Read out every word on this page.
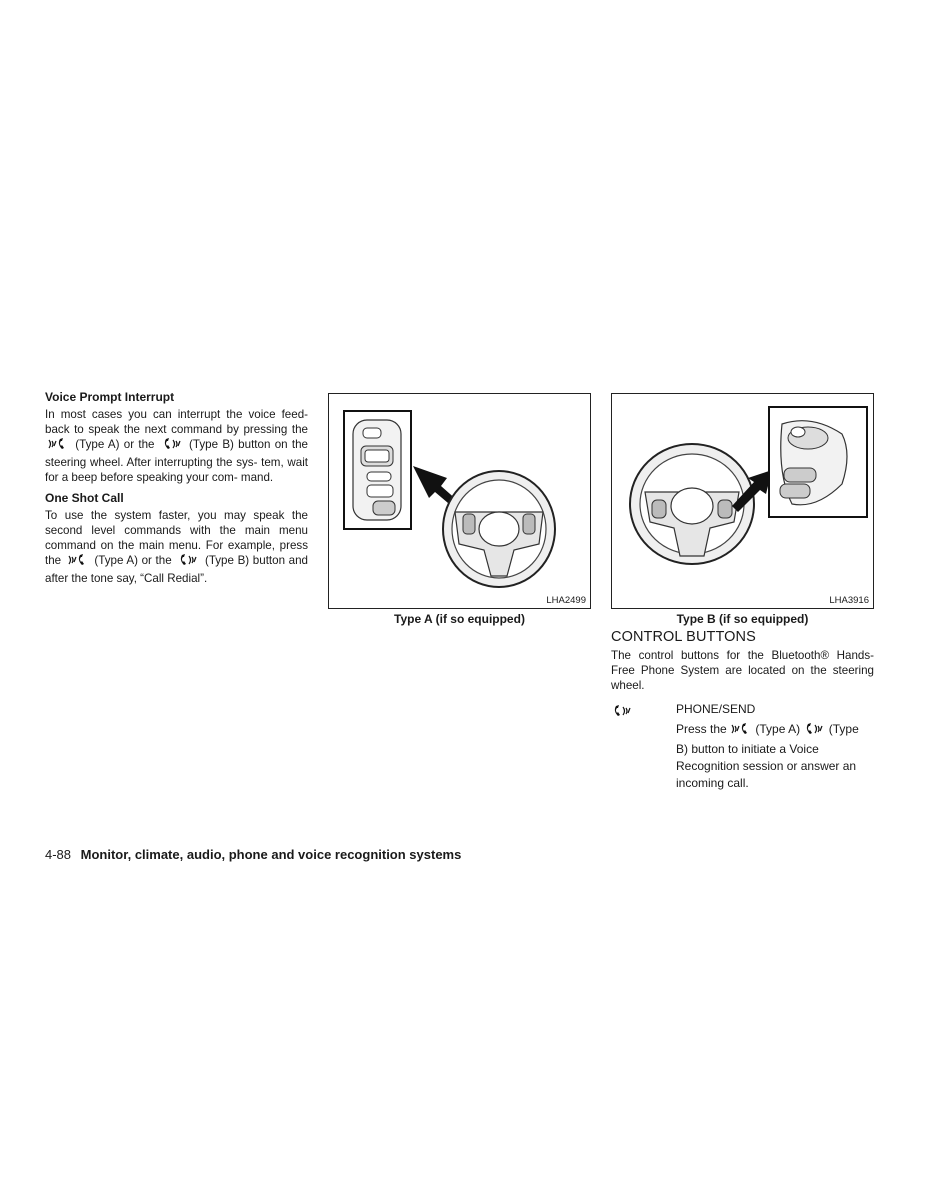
Voice Prompt Interrupt

In most cases you can interrupt the voice feed- back to speak the next command by pressing the  (Type A) or the	(Type B) button on the steering wheel. After interrupting the sys- tem, wait for a beep before speaking your com- mand.

One Shot Call

To use the system faster, you may speak the second level commands with the main menu command on the main menu. For example, press the	(Type A) or the	(Type B) button and after the tone say, “Call Redial”.

LHA2499
Type A (if so equipped)
LHA3916
Type B (if so equipped)
CONTROL BUTTONS

The control buttons for the Bluetooth® Hands- Free Phone System are located on the steering wheel.

PHONE/SEND
Press the (Type A) (Type B) button to initiate a Voice Recognition session or answer an incoming call.
4-88 Monitor, climate, audio, phone and voice recognition systems
